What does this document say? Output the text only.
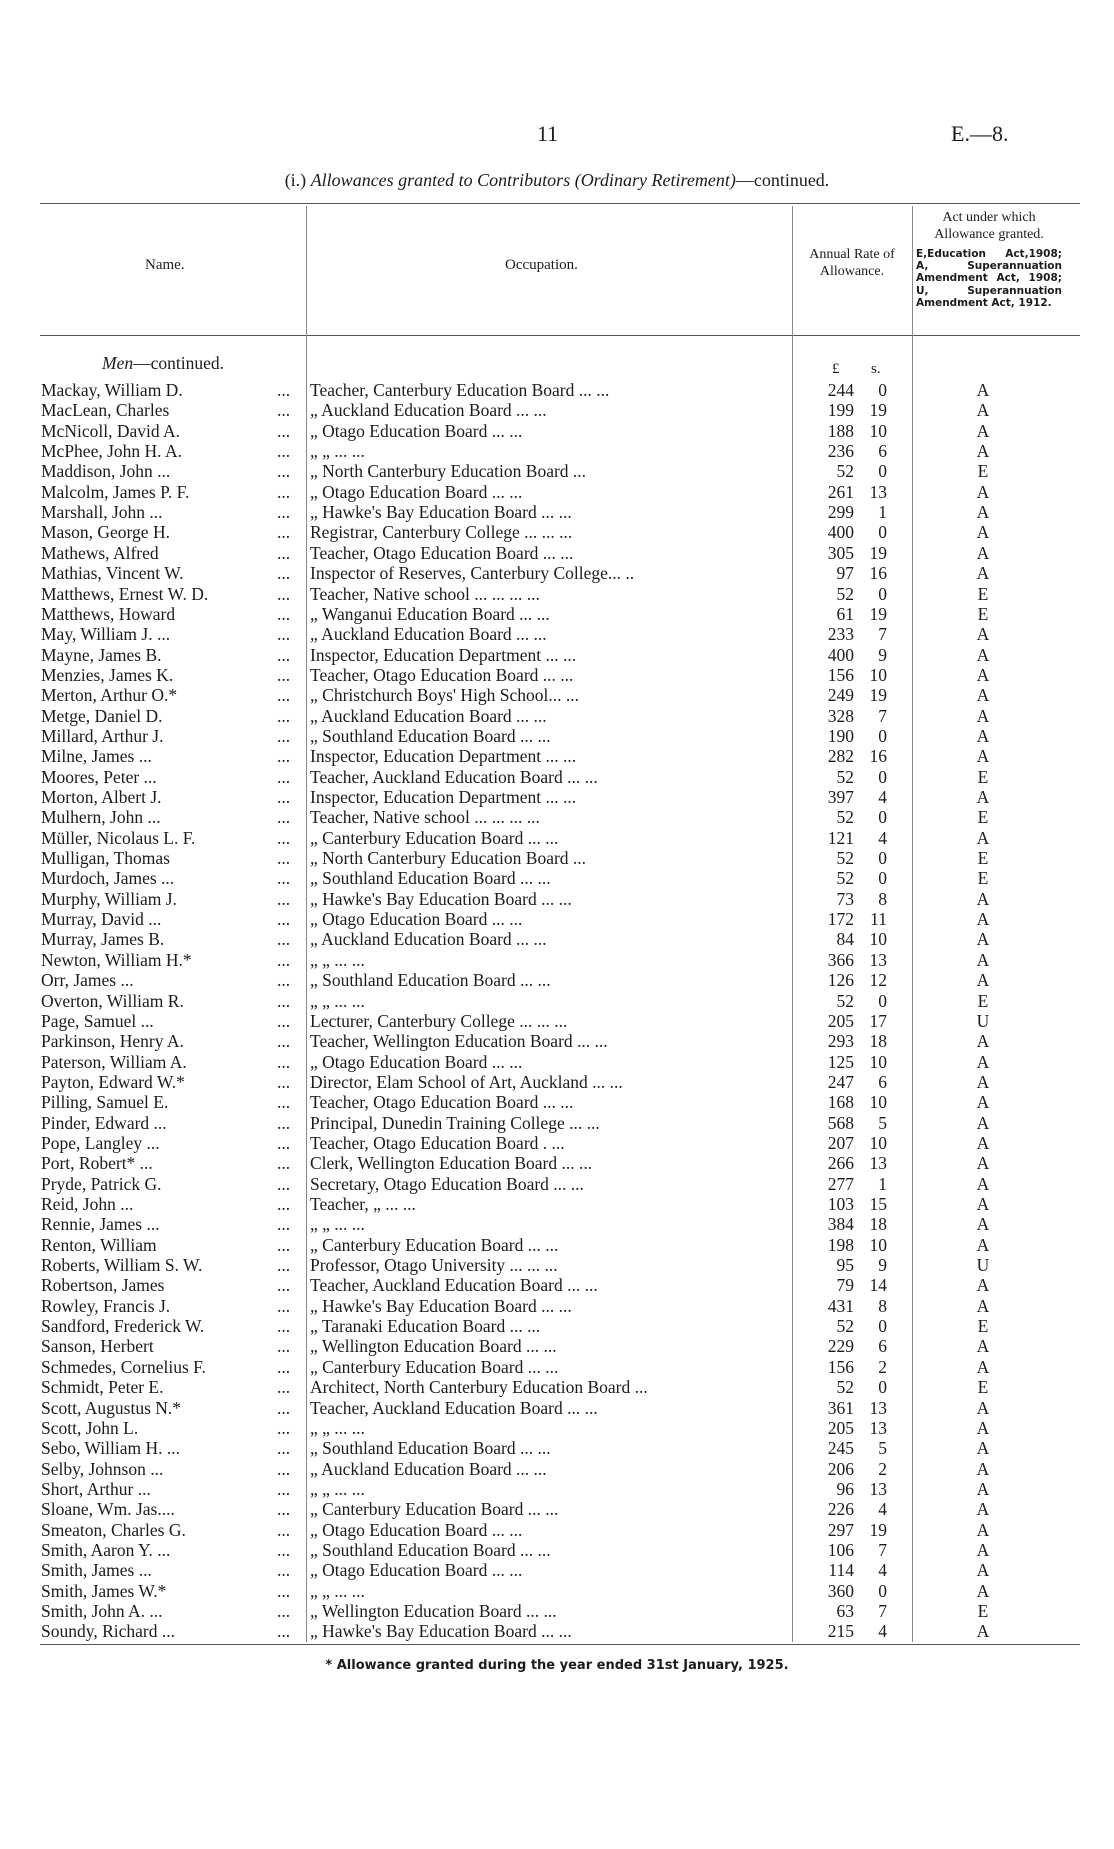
11	E.—8.
(i.) Allowances granted to Contributors (Ordinary Retirement)—continued.
Name.	Occupation.
Annual Rate of Allowance.
Act under which Allowance granted.
E,Education Act,1908; A, Superannuation Amendment Act, 1908; U, Superannuation Amendment Act, 1912.
Men—continued.	£ s.
Mackay, William D.	... Teacher, Canterbury Education Board ... ...	244	0	A
MacLean, Charles	... „ Auckland Education Board ... ...	199 19	A
McNicoll, David A.	... „ Otago Education Board ... ...	188 10	A
McPhee, John H. A.	... „ „ ... ...	236	6	A
Maddison, John ...	... „ North Canterbury Education Board ...	52	0	E
Malcolm, James P. F.	... „ Otago Education Board ... ...	261 13	A
Marshall, John ...	... „ Hawke's Bay Education Board ... ...	299	1	A
Mason, George H.	... Registrar, Canterbury College ... ... ...	400	0	A
Mathews, Alfred	... Teacher, Otago Education Board ... ...	305 19	A
Mathias, Vincent W.	... Inspector of Reserves, Canterbury College... ..	97 16	A
Matthews, Ernest W. D.	... Teacher, Native school ... ... ... ...	52	0	E
Matthews, Howard	... „ Wanganui Education Board ... ...	61 19	E
May, William J. ...	... „ Auckland Education Board ... ...	233	7	A
Mayne, James B.	... Inspector, Education Department ... ...	400	9	A
Menzies, James K.	... Teacher, Otago Education Board ... ...	156 10	A
Merton, Arthur O.*	... „ Christchurch Boys' High School... ...	249 19	A
Metge, Daniel D.	... „ Auckland Education Board ... ...	328	7	A
Millard, Arthur J.	... „ Southland Education Board ... ...	190	0	A
Milne, James ...	... Inspector, Education Department ... ...	282 16	A
Moores, Peter ...	... Teacher, Auckland Education Board ... ...	52	0	E
Morton, Albert J.	... Inspector, Education Department ... ...	397	4	A
Mulhern, John ...	... Teacher, Native school ... ... ... ...	52	0	E
Müller, Nicolaus L. F.	... „ Canterbury Education Board ... ...	121	4	A
Mulligan, Thomas	... „ North Canterbury Education Board ...	52	0	E
Murdoch, James ...	... „ Southland Education Board ... ...	52	0	E
Murphy, William J.	... „ Hawke's Bay Education Board ... ...	73	8	A
Murray, David ...	... „ Otago Education Board ... ...	172 11	A
Murray, James B.	... „ Auckland Education Board ... ...	84 10	A
Newton, William H.*	... „ „ ... ...	366 13	A
Orr, James ...	... „ Southland Education Board ... ...	126 12	A
Overton, William R.	... „ „ ... ...	52	0	E
Page, Samuel ...	... Lecturer, Canterbury College ... ... ...	205 17	U
Parkinson, Henry A.	... Teacher, Wellington Education Board ... ...	293 18	A
Paterson, William A.	... „ Otago Education Board ... ...	125 10	A
Payton, Edward W.*	... Director, Elam School of Art, Auckland ... ...	247	6	A
Pilling, Samuel E.	... Teacher, Otago Education Board ... ...	168 10	A
Pinder, Edward ...	... Principal, Dunedin Training College ... ...	568	5	A
Pope, Langley ...	... Teacher, Otago Education Board . ...	207 10	A
Port, Robert* ...	... Clerk, Wellington Education Board ... ...	266 13	A
Pryde, Patrick G.	... Secretary, Otago Education Board ... ...	277	1	A
Reid, John ...	... Teacher, „ ... ...	103 15	A
Rennie, James ...	... „ „ ... ...	384 18	A
Renton, William	... „ Canterbury Education Board ... ...	198 10	A
Roberts, William S. W.	... Professor, Otago University ... ... ...	95	9	U
Robertson, James	... Teacher, Auckland Education Board ... ...	79 14	A
Rowley, Francis J.	... „ Hawke's Bay Education Board ... ...	431	8	A
Sandford, Frederick W.	... „ Taranaki Education Board ... ...	52	0	E
Sanson, Herbert	... „ Wellington Education Board ... ...	229	6	A
Schmedes, Cornelius F.	... „ Canterbury Education Board ... ...	156	2	A
Schmidt, Peter E.	... Architect, North Canterbury Education Board ...	52	0	E
Scott, Augustus N.*	... Teacher, Auckland Education Board ... ...	361 13	A
Scott, John L.	... „ „ ... ...	205 13	A
Sebo, William H. ...	... „ Southland Education Board ... ...	245	5	A
Selby, Johnson ...	... „ Auckland Education Board ... ...	206	2	A
Short, Arthur ...	... „ „ ... ...	96 13	A
Sloane, Wm. Jas....	... „ Canterbury Education Board ... ...	226	4	A
Smeaton, Charles G.	... „ Otago Education Board ... ...	297 19	A
Smith, Aaron Y. ...	... „ Southland Education Board ... ...	106	7	A
Smith, James ...	... „ Otago Education Board ... ...	114	4	A
Smith, James W.*	... „ „ ... ...	360	0	A
Smith, John A. ...	... „ Wellington Education Board ... ...	63	7	E
Soundy, Richard ...	... „ Hawke's Bay Education Board ... ...	215	4	A
* Allowance granted during the year ended 31st January, 1925.
